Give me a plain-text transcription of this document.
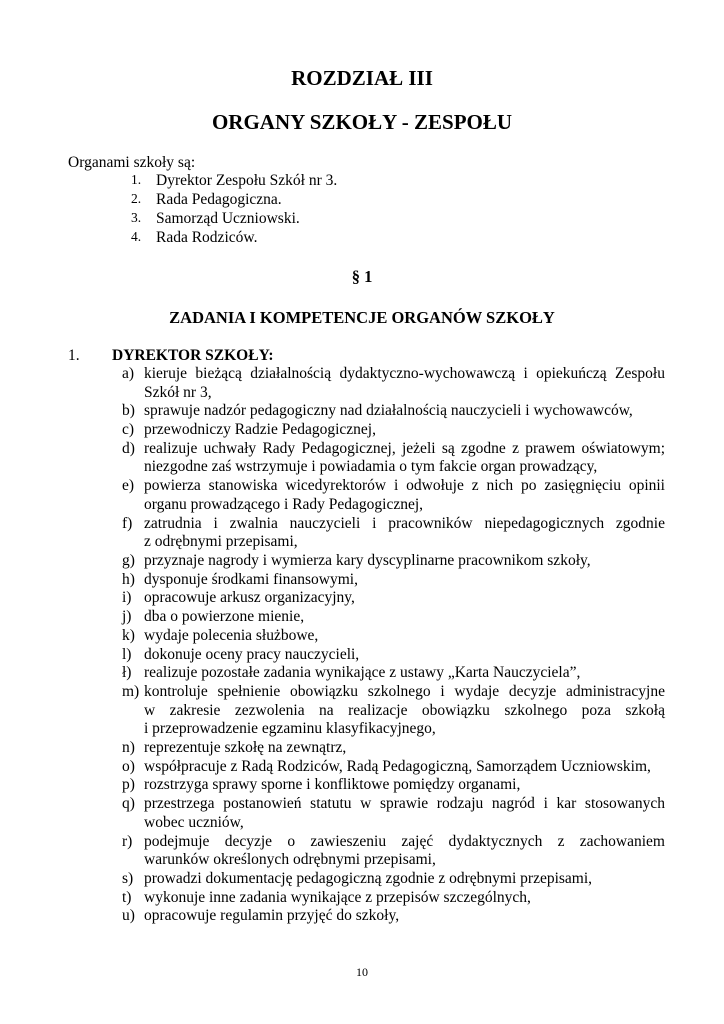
ROZDZIAŁ III
ORGANY SZKOŁY - ZESPOŁU
Organami szkoły są:
1. Dyrektor Zespołu Szkół nr 3.
2. Rada Pedagogiczna.
3. Samorząd Uczniowski.
4. Rada Rodziców.
§ 1
ZADANIA I KOMPETENCJE ORGANÓW SZKOŁY
1. DYREKTOR SZKOŁY:
a) kieruje bieżącą działalnością dydaktyczno-wychowawczą i opiekuńczą Zespołu
Szkół nr 3,
b) sprawuje nadzór pedagogiczny nad działalnością nauczycieli i wychowawców,
c) przewodniczy Radzie Pedagogicznej,
d) realizuje uchwały Rady Pedagogicznej, jeżeli są zgodne z prawem oświatowym;
niezgodne zaś wstrzymuje i powiadamia o tym fakcie organ prowadzący,
e) powierza stanowiska wicedyrektorów i odwołuje z nich po zasięgnięciu opinii
organu prowadzącego i Rady Pedagogicznej,
f) zatrudnia i zwalnia nauczycieli i pracowników niepedagogicznych zgodnie
z odrębnymi przepisami,
g) przyznaje nagrody i wymierza kary dyscyplinarne pracownikom szkoły,
h) dysponuje środkami finansowymi,
i) opracowuje arkusz organizacyjny,
j) dba o powierzone mienie,
k) wydaje polecenia służbowe,
l) dokonuje oceny pracy nauczycieli,
ł) realizuje pozostałe zadania wynikające z ustawy „Karta Nauczyciela”,
m) kontroluje spełnienie obowiązku szkolnego i wydaje decyzje administracyjne
w zakresie zezwolenia na realizacje obowiązku szkolnego poza szkołą
i przeprowadzenie egzaminu klasyfikacyjnego,
n) reprezentuje szkołę na zewnątrz,
o) współpracuje z Radą Rodziców, Radą Pedagogiczną, Samorządem Uczniowskim,
p) rozstrzyga sprawy sporne i konfliktowe pomiędzy organami,
q) przestrzega postanowień statutu w sprawie rodzaju nagród i kar stosowanych
wobec uczniów,
r) podejmuje decyzje o zawieszeniu zajęć dydaktycznych z zachowaniem
warunków określonych odrębnymi przepisami,
s) prowadzi dokumentację pedagogiczną zgodnie z odrębnymi przepisami,
t) wykonuje inne zadania wynikające z przepisów szczególnych,
u) opracowuje regulamin przyjęć do szkoły,
10
